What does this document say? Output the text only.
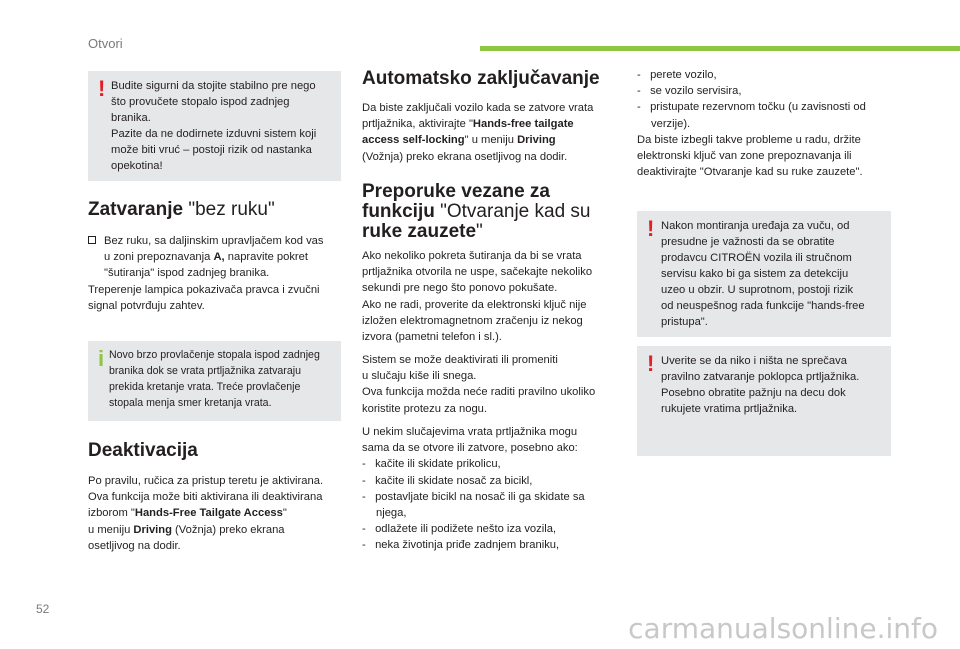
Otvori
! Budite sigurni da stojite stabilno pre nego

što provučete stopalo ispod zadnjeg

branika.

Pazite da ne dodirnete izduvni sistem koji

može biti vruć – postoji rizik od nastanka

opekotina!

Zatvaranje "bez ruku"

Bez ruku, sa daljinskim upravljačem kod vas

u zoni prepoznavanja A, napravite pokret

"šutiranja" ispod zadnjeg branika.

Treperenje lampica pokazivača pravca i zvučni

signal potvrđuju zahtev.

i Novo brzo provlačenje stopala ispod zadnjeg

branika dok se vrata prtljažnika zatvaraju

prekida kretanje vrata. Treće provlačenje

stopala menja smer kretanja vrata.

Deaktivacija

Po pravilu, ručica za pristup teretu je aktivirana.

Ova funkcija može biti aktivirana ili deaktivirana

izborom "Hands-Free Tailgate Access"

u meniju Driving (Vožnja) preko ekrana

osetljivog na dodir.

Automatsko zaključavanje

Da biste zaključali vozilo kada se zatvore vrata

prtljažnika, aktivirajte "Hands-free tailgate

access self-locking" u meniju Driving

(Vožnja) preko ekrana osetljivog na dodir.

Preporuke vezane za
funkciju "Otvaranje kad su
ruke zauzete"

Ako nekoliko pokreta šutiranja da bi se vrata

prtljažnika otvorila ne uspe, sačekajte nekoliko

sekundi pre nego što ponovo pokušate.

Ako ne radi, proverite da elektronski ključ nije

izložen elektromagnetnom zračenju iz nekog

izvora (pametni telefon i sl.).

Sistem se može deaktivirati ili promeniti

u slučaju kiše ili snega.

Ova funkcija možda neće raditi pravilno ukoliko

koristite protezu za nogu.

U nekim slučajevima vrata prtljažnika mogu

sama da se otvore ili zatvore, posebno ako:

- kačite ili skidate prikolicu,

- kačite ili skidate nosač za bicikl,

- postavljate bicikl na nosač ili ga skidate sa njega,

- odlažete ili podižete nešto iza vozila,

- neka životinja priđe zadnjem braniku,

- perete vozilo,

- se vozilo servisira,

- pristupate rezervnom točku (u zavisnosti od verzije).

Da biste izbegli takve probleme u radu, držite

elektronski ključ van zone prepoznavanja ili

deaktivirajte "Otvaranje kad su ruke zauzete".

! Nakon montiranja uređaja za vuču, od

presudne je važnosti da se obratite

prodavcu CITROËN vozila ili stručnom

servisu kako bi ga sistem za detekciju

uzeo u obzir. U suprotnom, postoji rizik

od neuspešnog rada funkcije "hands-free

pristupa".

! Uverite se da niko i ništa ne sprečava

pravilno zatvaranje poklopca prtljažnika.

Posebno obratite pažnju na decu dok

rukujete vratima prtljažnika.

52
carmanualsonline.info
